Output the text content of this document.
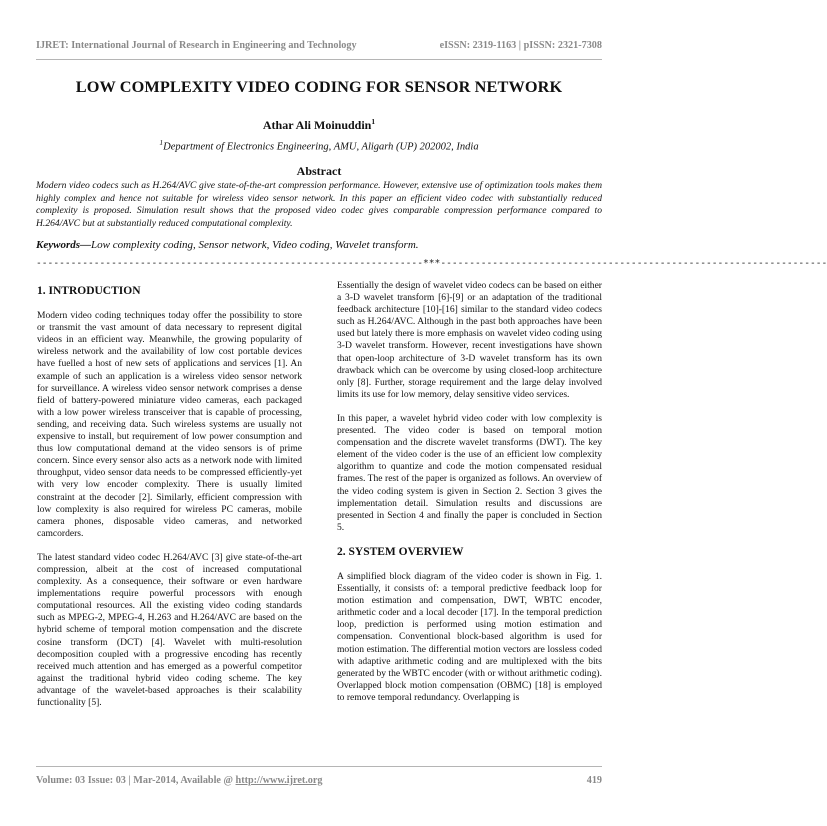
IJRET: International Journal of Research in Engineering and Technology	eISSN: 2319-1163 | pISSN: 2321-7308
LOW COMPLEXITY VIDEO CODING FOR SENSOR NETWORK
Athar Ali Moinuddin$^1$
$^1$Department of Electronics Engineering, AMU, Aligarh (UP) 202002, India
Abstract

Modern video codecs such as H.264/AVC give state-of-the-art compression performance. However, extensive use of optimization tools makes them highly complex and hence not suitable for wireless video sensor network. In this paper an efficient video codec with substantially reduced complexity is proposed. Simulation result shows that the proposed video codec gives comparable compression performance compared to H.264/AVC but at substantially reduced computational complexity.

Keywords—Low complexity coding, Sensor network, Video coding, Wavelet transform.

-------------------------------------------------------------------***-------------------------------------------------------------------
1. INTRODUCTION

Modern video coding techniques today offer the possibility to store or transmit the vast amount of data necessary to represent digital videos in an efficient way. Meanwhile, the growing popularity of wireless network and the availability of low cost portable devices have fuelled a host of new sets of applications and services [1]. An example of such an application is a wireless video sensor network for surveillance. A wireless video sensor network comprises a dense field of battery-powered miniature video cameras, each packaged with a low power wireless transceiver that is capable of processing, sending, and receiving data. Such wireless systems are usually not expensive to install, but requirement of low power consumption and thus low computational demand at the video sensors is of prime concern. Since every sensor also acts as a network node with limited throughput, video sensor data needs to be compressed efficiently-yet with very low encoder complexity. There is usually limited constraint at the decoder [2]. Similarly, efficient compression with low complexity is also required for wireless PC cameras, mobile camera phones, disposable video cameras, and networked camcorders.

The latest standard video codec H.264/AVC [3] give state-of-the-art compression, albeit at the cost of increased computational complexity. As a consequence, their software or even hardware implementations require powerful processors with enough computational resources. All the existing video coding standards such as MPEG-2, MPEG-4, H.263 and H.264/AVC are based on the hybrid scheme of temporal motion compensation and the discrete cosine transform (DCT) [4]. Wavelet with multi-resolution decomposition coupled with a progressive encoding has recently received much attention and has emerged as a powerful competitor against the traditional hybrid video coding scheme. The key advantage of the wavelet-based approaches is their scalability functionality [5].

Essentially the design of wavelet video codecs can be based on either a 3-D wavelet transform [6]-[9] or an adaptation of the traditional feedback architecture [10]-[16] similar to the standard video codecs such as H.264/AVC. Although in the past both approaches have been used but lately there is more emphasis on wavelet video coding using 3-D wavelet transform. However, recent investigations have shown that open-loop architecture of 3-D wavelet transform has its own drawback which can be overcome by using closed-loop architecture only [8]. Further, storage requirement and the large delay involved limits its use for low memory, delay sensitive video services.

In this paper, a wavelet hybrid video coder with low complexity is presented. The video coder is based on temporal motion compensation and the discrete wavelet transforms (DWT). The key element of the video coder is the use of an efficient low complexity algorithm to quantize and code the motion compensated residual frames. The rest of the paper is organized as follows. An overview of the video coding system is given in Section 2. Section 3 gives the implementation detail. Simulation results and discussions are presented in Section 4 and finally the paper is concluded in Section 5.

2. SYSTEM OVERVIEW

A simplified block diagram of the video coder is shown in Fig. 1. Essentially, it consists of: a temporal predictive feedback loop for motion estimation and compensation, DWT, WBTC encoder, arithmetic coder and a local decoder [17]. In the temporal prediction loop, prediction is performed using motion estimation and compensation. Conventional block-based algorithm is used for motion estimation. The differential motion vectors are lossless coded with adaptive arithmetic coding and are multiplexed with the bits generated by the WBTC encoder (with or without arithmetic coding). Overlapped block motion compensation (OBMC) [18] is employed to remove temporal redundancy. Overlapping is

Volume: 03 Issue: 03 | Mar-2014, Available @ http://www.ijret.org	419
